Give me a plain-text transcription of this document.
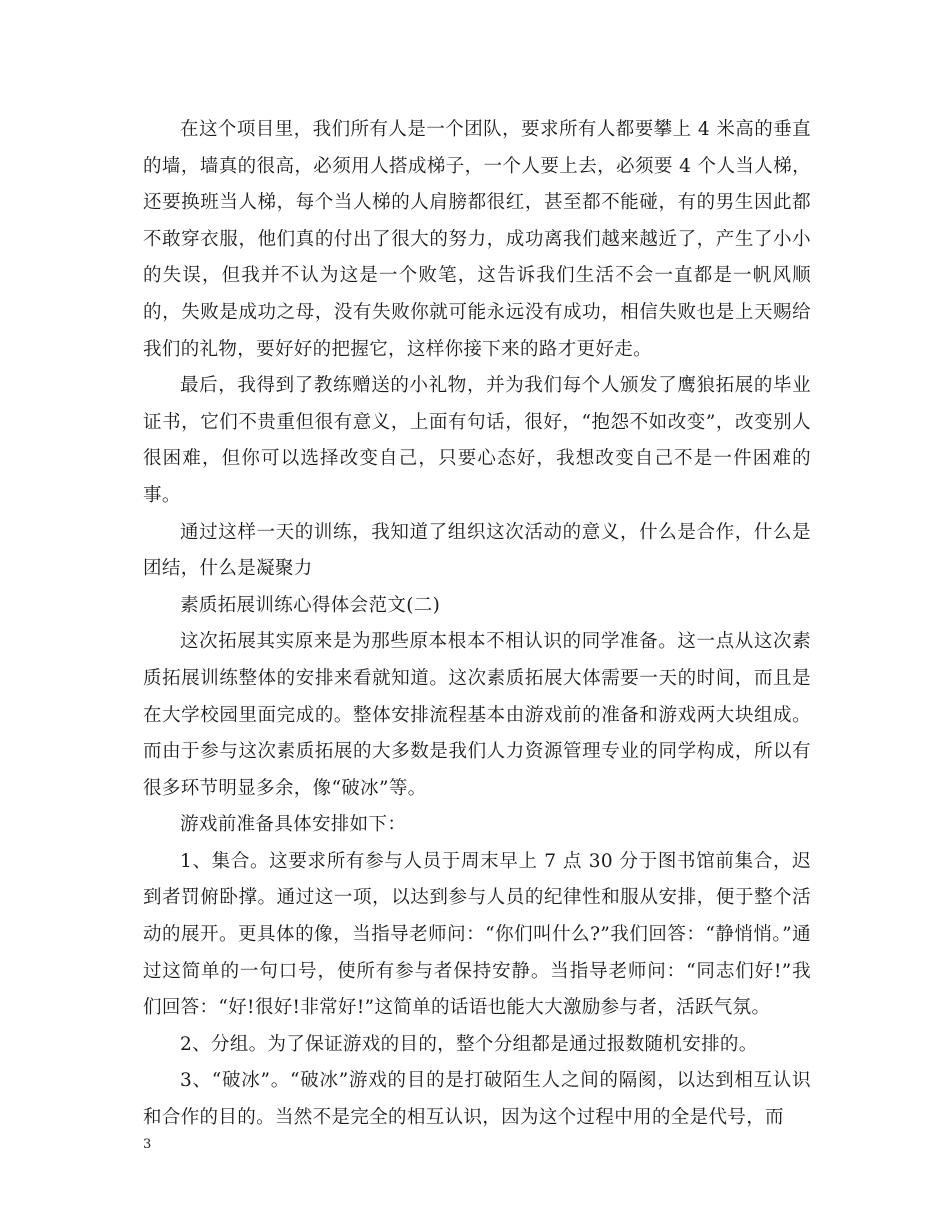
在这个项目里，我们所有人是一个团队，要求所有人都要攀上 4 米高的垂直的墙，墙真的很高，必须用人搭成梯子，一个人要上去，必须要 4 个人当人梯，还要换班当人梯，每个当人梯的人肩膀都很红，甚至都不能碰，有的男生因此都不敢穿衣服，他们真的付出了很大的努力，成功离我们越来越近了，产生了小小的失误，但我并不认为这是一个败笔，这告诉我们生活不会一直都是一帆风顺的，失败是成功之母，没有失败你就可能永远没有成功，相信失败也是上天赐给我们的礼物，要好好的把握它，这样你接下来的路才更好走。

最后，我得到了教练赠送的小礼物，并为我们每个人颁发了鹰狼拓展的毕业证书，它们不贵重但很有意义，上面有句话，很好，“抱怨不如改变”，改变别人很困难，但你可以选择改变自己，只要心态好，我想改变自己不是一件困难的事。

通过这样一天的训练，我知道了组织这次活动的意义，什么是合作，什么是团结，什么是凝聚力

素质拓展训练心得体会范文(二)

这次拓展其实原来是为那些原本根本不相认识的同学准备。这一点从这次素质拓展训练整体的安排来看就知道。这次素质拓展大体需要一天的时间，而且是在大学校园里面完成的。整体安排流程基本由游戏前的准备和游戏两大块组成。而由于参与这次素质拓展的大多数是我们人力资源管理专业的同学构成，所以有很多环节明显多余，像“破冰”等。

游戏前准备具体安排如下：

1、集合。这要求所有参与人员于周末早上 7 点 30 分于图书馆前集合，迟到者罚俯卧撑。通过这一项，以达到参与人员的纪律性和服从安排，便于整个活动的展开。更具体的像，当指导老师问：“你们叫什么?”我们回答：“静悄悄。”通过这简单的一句口号，使所有参与者保持安静。当指导老师问：“同志们好!”我们回答：“好!很好!非常好!”这简单的话语也能大大激励参与者，活跃气氛。

2、分组。为了保证游戏的目的，整个分组都是通过报数随机安排的。

3、“破冰”。“破冰”游戏的目的是打破陌生人之间的隔阂，以达到相互认识和合作的目的。当然不是完全的相互认识，因为这个过程中用的全是代号，而

3
